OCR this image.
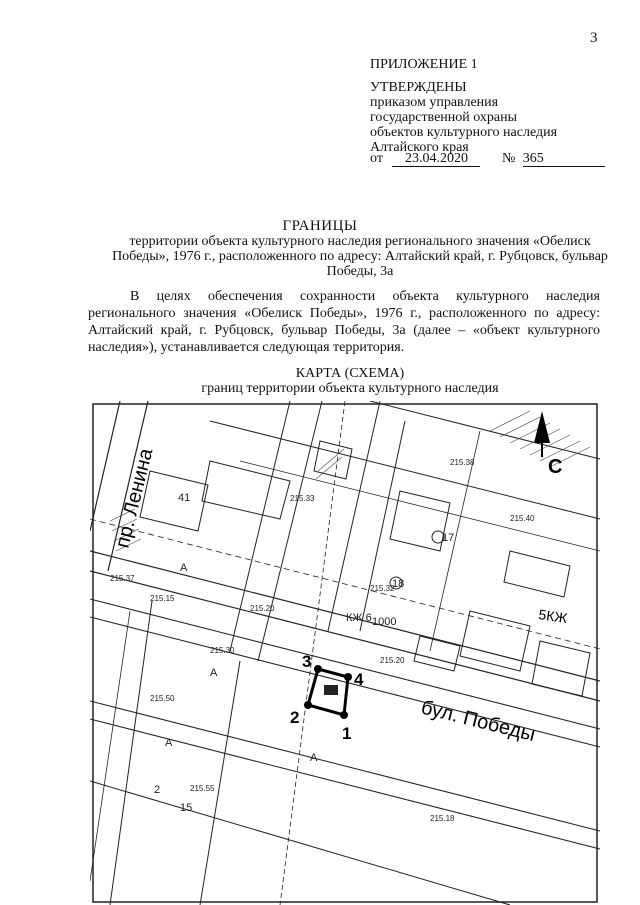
3
ПРИЛОЖЕНИЕ 1
УТВЕРЖДЕНЫ
приказом управления
государственной охраны
объектов культурного наследия
Алтайского края
от 23.04.2020 № 365
ГРАНИЦЫ
территории объекта культурного наследия регионального значения «Обелиск Победы», 1976 г., расположенного по адресу: Алтайский край, г. Рубцовск, бульвар Победы, 3а
В целях обеспечения сохранности объекта культурного наследия регионального значения «Обелиск Победы», 1976 г., расположенного по адресу: Алтайский край, г. Рубцовск, бульвар Победы, 3а (далее – «объект культурного наследия»), устанавливается следующая территория.
КАРТА (СХЕМА)
границ территории объекта культурного наследия
3
4
1
2
пр. Ленина
бул. Победы
С
5КЖ
215.30
215.50
215.20
215.32
215.55
215.33
215.40
215.37
215.38
215.18
215.15
215.20
А
А
А
А
2
15
41
17
18
КЖ 6 1000
